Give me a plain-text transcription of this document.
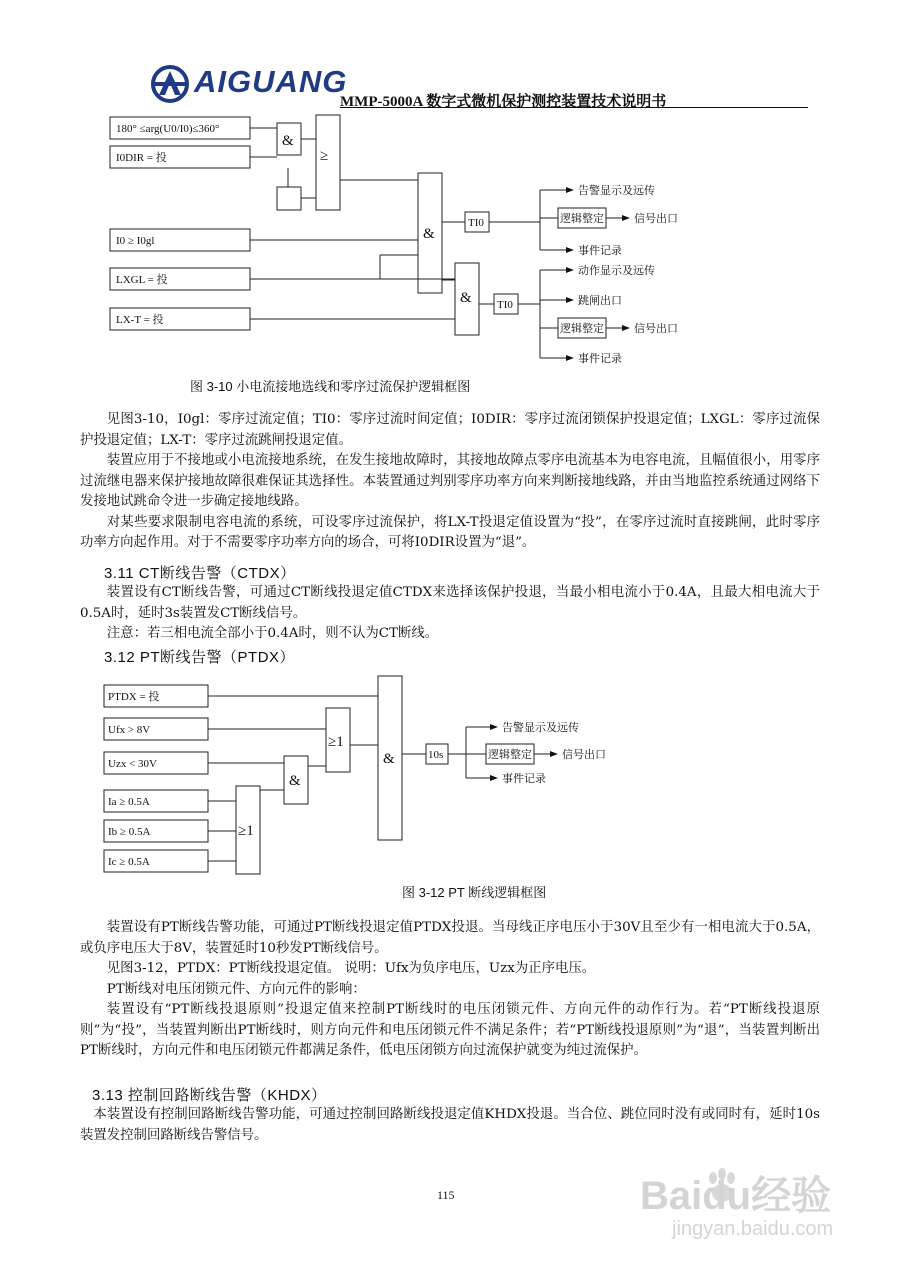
AIGUANG
MMP-5000A 数字式微机保护测控装置技术说明书
180° ≤arg(U0/I0)≤360°
I0DIR = 投
I0 ≥ I0gl
LXGL = 投
LX-T = 投
TI0
TI0
逻辑整定
逻辑整定
告警显示及远传
信号出口
事件记录
动作显示及远传
跳闸出口
信号出口
事件记录
&
≥
&
&
图 3-10 小电流接地选线和零序过流保护逻辑框图

见图3-10，I0gl：零序过流定值；TI0：零序过流时间定值；I0DIR：零序过流闭锁保护投退定值；LXGL：零序过流保护投退定值；LX-T：零序过流跳闸投退定值。

装置应用于不接地或小电流接地系统，在发生接地故障时，其接地故障点零序电流基本为电容电流，且幅值很小，用零序过流继电器来保护接地故障很难保证其选择性。本装置通过判别零序功率方向来判断接地线路，并由当地监控系统通过网络下发接地试跳命令进一步确定接地线路。

对某些要求限制电容电流的系统，可设零序过流保护，将LX-T投退定值设置为“投”，在零序过流时直接跳闸，此时零序功率方向起作用。对于不需要零序功率方向的场合，可将I0DIR设置为“退”。

3.11 CT断线告警（CTDX）

装置设有CT断线告警，可通过CT断线投退定值CTDX来选择该保护投退，当最小相电流小于0.4A，且最大相电流大于0.5A时，延时3s装置发CT断线信号。

注意：若三相电流全部小于0.4A时，则不认为CT断线。

3.12 PT断线告警（PTDX）
PTDX = 投
Ufx > 8V
Uzx < 30V
Ia ≥ 0.5A
Ib ≥ 0.5A
Ic ≥ 0.5A
10s	逻辑整定
告警显示及远传
信号出口
事件记录
≥1
&
≥1
&
图 3-12 PT 断线逻辑框图

装置设有PT断线告警功能，可通过PT断线投退定值PTDX投退。当母线正序电压小于30V且至少有一相电流大于0.5A，或负序电压大于8V，装置延时10秒发PT断线信号。

见图3-12，PTDX：PT断线投退定值。 说明：Ufx为负序电压，Uzx为正序电压。

PT断线对电压闭锁元件、方向元件的影响：

装置设有“PT断线投退原则”投退定值来控制PT断线时的电压闭锁元件、方向元件的动作行为。若“PT断线投退原则”为“投”，当装置判断出PT断线时，则方向元件和电压闭锁元件不满足条件；若“PT断线投退原则”为“退”，当装置判断出PT断线时，方向元件和电压闭锁元件都满足条件，低电压闭锁方向过流保护就变为纯过流保护。

3.13 控制回路断线告警（KHDX）

本装置设有控制回路断线告警功能，可通过控制回路断线投退定值KHDX投退。当合位、跳位同时没有或同时有，延时10s装置发控制回路断线告警信号。

115	Baidu经验
jingyan.baidu.com
